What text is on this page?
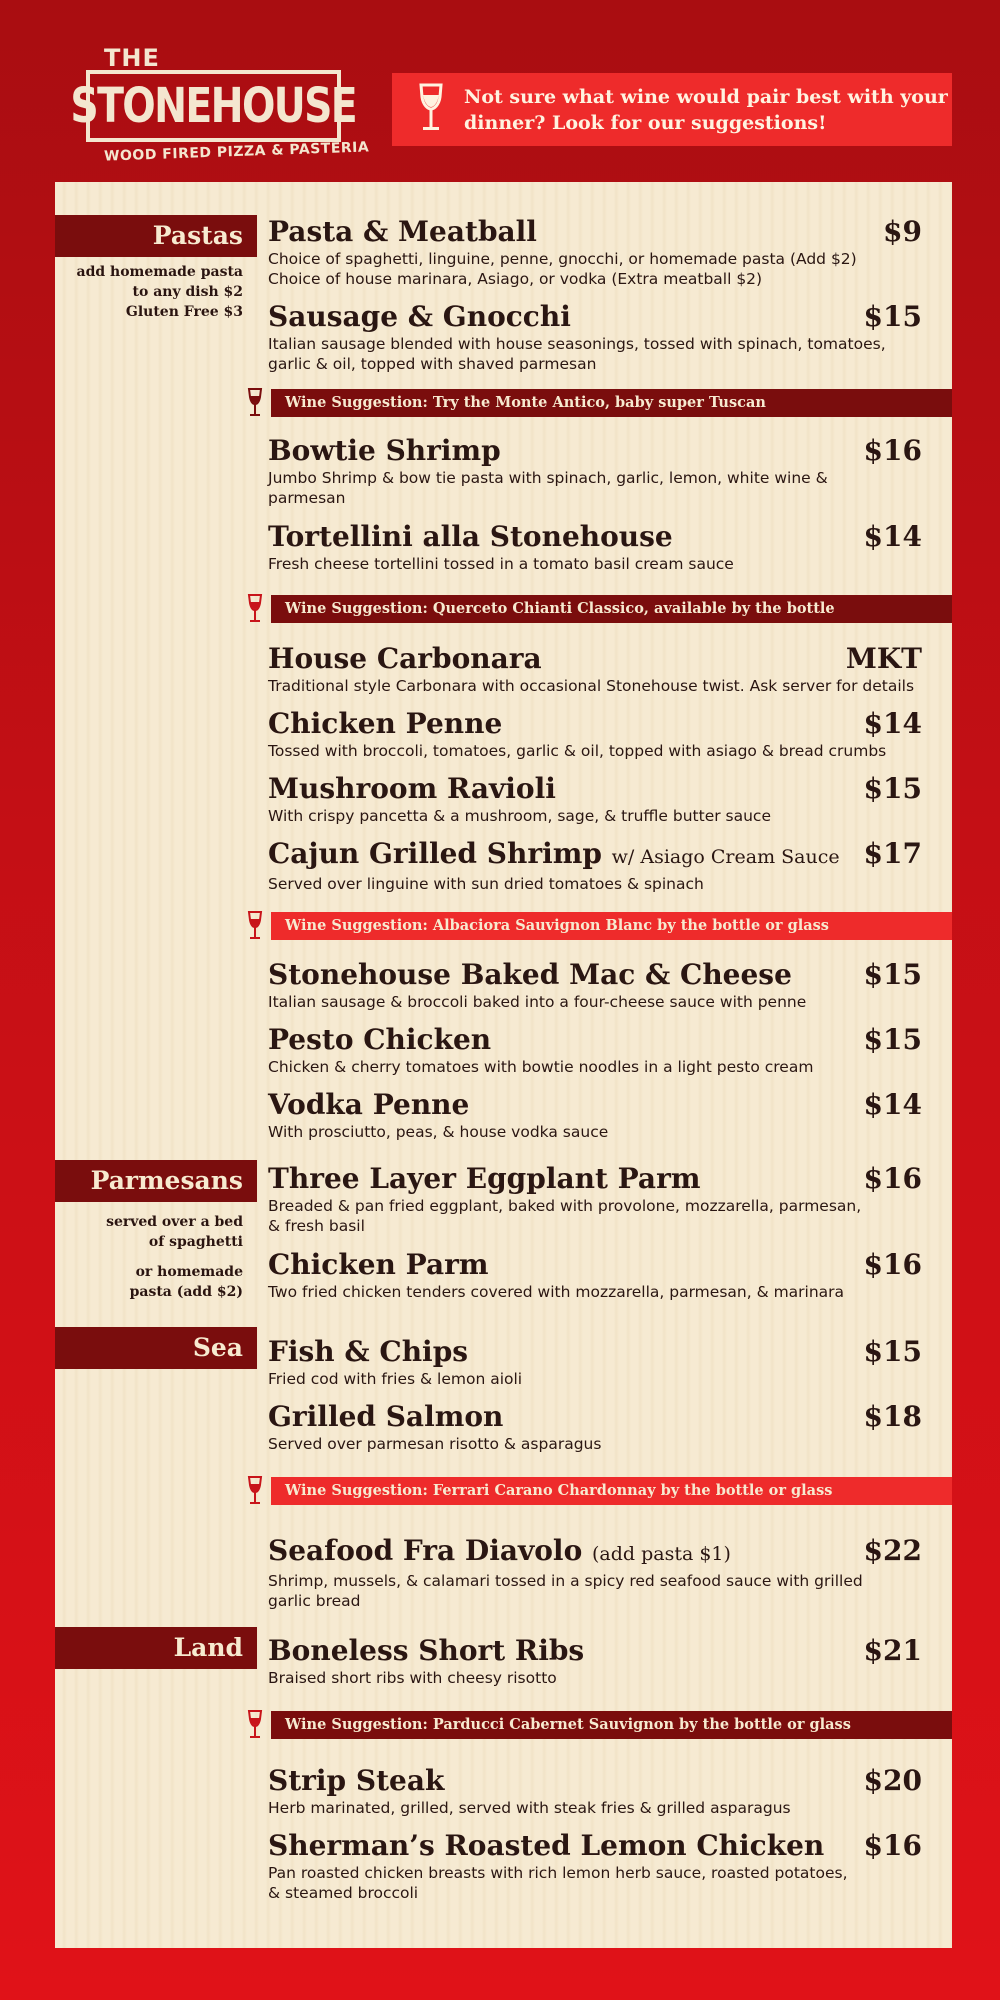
THE
STONEHOUSE
WOOD FIRED PIZZA & PASTERIA
Not sure what wine would pair best with your
dinner? Look for our suggestions!
Pastas
add homemade pasta
to any dish $2
Gluten Free $3
Pasta & Meatball	$9
Choice of spaghetti, linguine, penne, gnocchi, or homemade pasta (Add $2)
Choice of house marinara, Asiago, or vodka (Extra meatball $2)
Sausage & Gnocchi	$15
Italian sausage blended with house seasonings, tossed with spinach, tomatoes,
garlic & oil, topped with shaved parmesan
Wine Suggestion: Try the Monte Antico, baby super Tuscan
Bowtie Shrimp	$16
Jumbo Shrimp & bow tie pasta with spinach, garlic, lemon, white wine &
parmesan
Tortellini alla Stonehouse	$14
Fresh cheese tortellini tossed in a tomato basil cream sauce
Wine Suggestion: Querceto Chianti Classico, available by the bottle
House Carbonara	MKT
Traditional style Carbonara with occasional Stonehouse twist. Ask server for details
Chicken Penne	$14
Tossed with broccoli, tomatoes, garlic & oil, topped with asiago & bread crumbs
Mushroom Ravioli	$15
With crispy pancetta & a mushroom, sage, & truffle butter sauce
Cajun Grilled Shrimp w/ Asiago Cream Sauce $17
Served over linguine with sun dried tomatoes & spinach
Wine Suggestion: Albaciora Sauvignon Blanc by the bottle or glass
Stonehouse Baked Mac & Cheese	$15
Italian sausage & broccoli baked into a four-cheese sauce with penne
Pesto Chicken	$15
Chicken & cherry tomatoes with bowtie noodles in a light pesto cream
Vodka Penne	$14
With prosciutto, peas, & house vodka sauce
Parmesans
served over a bed
of spaghetti
or homemade
pasta (add $2)
Three Layer Eggplant Parm	$16
Breaded & pan fried eggplant, baked with provolone, mozzarella, parmesan,
& fresh basil
Chicken Parm	$16
Two fried chicken tenders covered with mozzarella, parmesan, & marinara
Sea Fish & Chips	$15
Fried cod with fries & lemon aioli
Grilled Salmon	$18
Served over parmesan risotto & asparagus
Wine Suggestion: Ferrari Carano Chardonnay by the bottle or glass
Seafood Fra Diavolo (add pasta $1)	$22
Shrimp, mussels, & calamari tossed in a spicy red seafood sauce with grilled
garlic bread
Land Boneless Short Ribs	$21
Braised short ribs with cheesy risotto
Wine Suggestion: Parducci Cabernet Sauvignon by the bottle or glass
Strip Steak	$20
Herb marinated, grilled, served with steak fries & grilled asparagus
Sherman’s Roasted Lemon Chicken	$16
Pan roasted chicken breasts with rich lemon herb sauce, roasted potatoes,
& steamed broccoli
